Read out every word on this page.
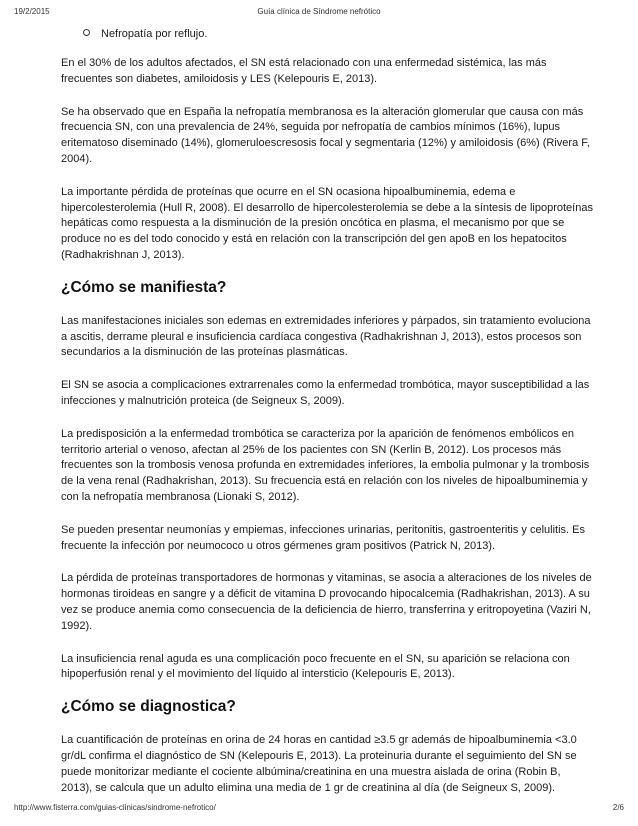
19/2/2015	Guía clínica de Síndrome nefrótico
Nefropatía por reflujo.

En el 30% de los adultos afectados, el SN está relacionado con una enfermedad sistémica, las más frecuentes son diabetes, amiloidosis y LES (Kelepouris E, 2013).

Se ha observado que en España la nefropatía membranosa es la alteración glomerular que causa con más frecuencia SN, con una prevalencia de 24%, seguida por nefropatía de cambios mínimos (16%), lupus eritematoso diseminado (14%), glomeruloescresosis focal y segmentaria (12%) y amiloidosis (6%) (Rivera F, 2004).

La importante pérdida de proteínas que ocurre en el SN ocasiona hipoalbuminemia, edema e hipercolesterolemia (Hull R, 2008). El desarrollo de hipercolesterolemia se debe a la síntesis de lipoproteínas hepáticas como respuesta a la disminución de la presión oncótica en plasma, el mecanismo por que se produce no es del todo conocido y está en relación con la transcripción del gen apoB en los hepatocitos (Radhakrishnan J, 2013).

¿Cómo se manifiesta?

Las manifestaciones iniciales son edemas en extremidades inferiores y párpados, sin tratamiento evoluciona a ascitis, derrame pleural e insuficiencia cardíaca congestiva (Radhakrishnan J, 2013), estos procesos son secundarios a la disminución de las proteínas plasmáticas.

El SN se asocia a complicaciones extrarrenales como la enfermedad trombótica, mayor susceptibilidad a las infecciones y malnutrición proteica (de Seigneux S, 2009).

La predisposición a la enfermedad trombótica se caracteriza por la aparición de fenómenos embólicos en territorio arterial o venoso, afectan al 25% de los pacientes con SN (Kerlin B, 2012). Los procesos más frecuentes son la trombosis venosa profunda en extremidades inferiores, la embolia pulmonar y la trombosis de la vena renal (Radhakrishan, 2013). Su frecuencia está en relación con los niveles de hipoalbuminemia y con la nefropatía membranosa (Lionaki S, 2012).

Se pueden presentar neumonías y empiemas, infecciones urinarias, peritonitis, gastroenteritis y celulitis. Es frecuente la infección por neumococo u otros gérmenes gram positivos (Patrick N, 2013).

La pérdida de proteínas transportadores de hormonas y vitaminas, se asocia a alteraciones de los niveles de hormonas tiroideas en sangre y a déficit de vitamina D provocando hipocalcemia (Radhakrishan, 2013). A su vez se produce anemia como consecuencia de la deficiencia de hierro, transferrina y eritropoyetina (Vaziri N, 1992).

La insuficiencia renal aguda es una complicación poco frecuente en el SN, su aparición se relaciona con hipoperfusión renal y el movimiento del líquido al intersticio (Kelepouris E, 2013).

¿Cómo se diagnostica?

La cuantificación de proteínas en orina de 24 horas en cantidad ≥3.5 gr además de hipoalbuminemia <3.0 gr/dL confirma el diagnóstico de SN (Kelepouris E, 2013). La proteinuria durante el seguimiento del SN se puede monitorizar mediante el cociente albúmina/creatinina en una muestra aislada de orina (Robin B, 2013), se calcula que un adulto elimina una media de 1 gr de creatinina al día (de Seigneux S, 2009).

http://www.fisterra.com/guias-clinicas/sindrome-nefrotico/	2/6
